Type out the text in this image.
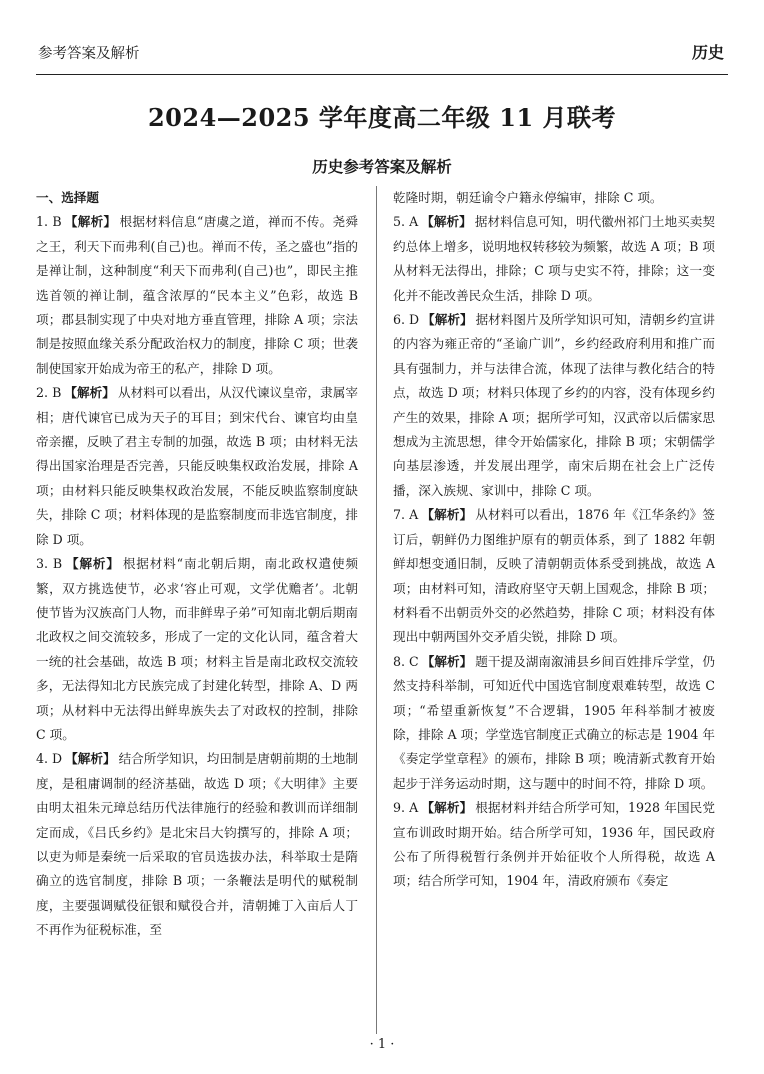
参考答案及解析	历史
2024—2025 学年度高二年级 11 月联考
历史参考答案及解析
一、选择题

1. B 【解析】 根据材料信息“唐虞之道，禅而不传。尧舜之王，利天下而弗利(自己)也。禅而不传，圣之盛也”指的是禅让制，这种制度“利天下而弗利(自己)也”，即民主推选首领的禅让制，蕴含浓厚的“民本主义”色彩，故选 B 项；郡县制实现了中央对地方垂直管理，排除 A 项；宗法制是按照血缘关系分配政治权力的制度，排除 C 项；世袭制使国家开始成为帝王的私产，排除 D 项。

2. B 【解析】 从材料可以看出，从汉代谏议皇帝，隶属宰相；唐代谏官已成为天子的耳目；到宋代台、谏官均由皇帝亲擢，反映了君主专制的加强，故选 B 项；由材料无法得出国家治理是否完善，只能反映集权政治发展，排除 A 项；由材料只能反映集权政治发展，不能反映监察制度缺失，排除 C 项；材料体现的是监察制度而非选官制度，排除 D 项。

3. B 【解析】 根据材料“南北朝后期，南北政权遣使频繁，双方挑选使节，必求‘容止可观，文学优赡者’。北朝使节皆为汉族高门人物，而非鲜卑子弟”可知南北朝后期南北政权之间交流较多，形成了一定的文化认同，蕴含着大一统的社会基础，故选 B 项；材料主旨是南北政权交流较多，无法得知北方民族完成了封建化转型，排除 A、D 两项；从材料中无法得出鲜卑族失去了对政权的控制，排除 C 项。

4. D 【解析】 结合所学知识，均田制是唐朝前期的土地制度，是租庸调制的经济基础，故选 D 项；《大明律》主要由明太祖朱元璋总结历代法律施行的经验和教训而详细制定而成，《吕氏乡约》是北宋吕大钧撰写的，排除 A 项；以吏为师是秦统一后采取的官员选拔办法，科举取士是隋确立的选官制度，排除 B 项；一条鞭法是明代的赋税制度，主要强调赋役征银和赋役合并，清朝摊丁入亩后人丁不再作为征税标准，至

乾隆时期，朝廷谕令户籍永停编审，排除 C 项。

5. A 【解析】 据材料信息可知，明代徽州祁门土地买卖契约总体上增多，说明地权转移较为频繁，故选 A 项；B 项从材料无法得出，排除；C 项与史实不符，排除；这一变化并不能改善民众生活，排除 D 项。

6. D 【解析】 据材料图片及所学知识可知，清朝乡约宣讲的内容为雍正帝的“圣谕广训”，乡约经政府利用和推广而具有强制力，并与法律合流，体现了法律与教化结合的特点，故选 D 项；材料只体现了乡约的内容，没有体现乡约产生的效果，排除 A 项；据所学可知，汉武帝以后儒家思想成为主流思想，律令开始儒家化，排除 B 项；宋朝儒学向基层渗透，并发展出理学，南宋后期在社会上广泛传播，深入族规、家训中，排除 C 项。

7. A 【解析】 从材料可以看出，1876 年《江华条约》签订后，朝鲜仍力图维护原有的朝贡体系，到了 1882 年朝鲜却想变通旧制，反映了清朝朝贡体系受到挑战，故选 A 项；由材料可知，清政府坚守天朝上国观念，排除 B 项；材料看不出朝贡外交的必然趋势，排除 C 项；材料没有体现出中朝两国外交矛盾尖锐，排除 D 项。

8. C 【解析】 题干提及湖南溆浦县乡间百姓排斥学堂，仍然支持科举制，可知近代中国选官制度艰难转型，故选 C 项；“希望重新恢复”不合逻辑，1905 年科举制才被废除，排除 A 项；学堂选官制度正式确立的标志是 1904 年《奏定学堂章程》的颁布，排除 B 项；晚清新式教育开始起步于洋务运动时期，这与题中的时间不符，排除 D 项。

9. A 【解析】 根据材料并结合所学可知，1928 年国民党宣布训政时期开始。结合所学可知，1936 年，国民政府公布了所得税暂行条例并开始征收个人所得税，故选 A 项；结合所学可知，1904 年，清政府颁布《奏定

· 1 ·
